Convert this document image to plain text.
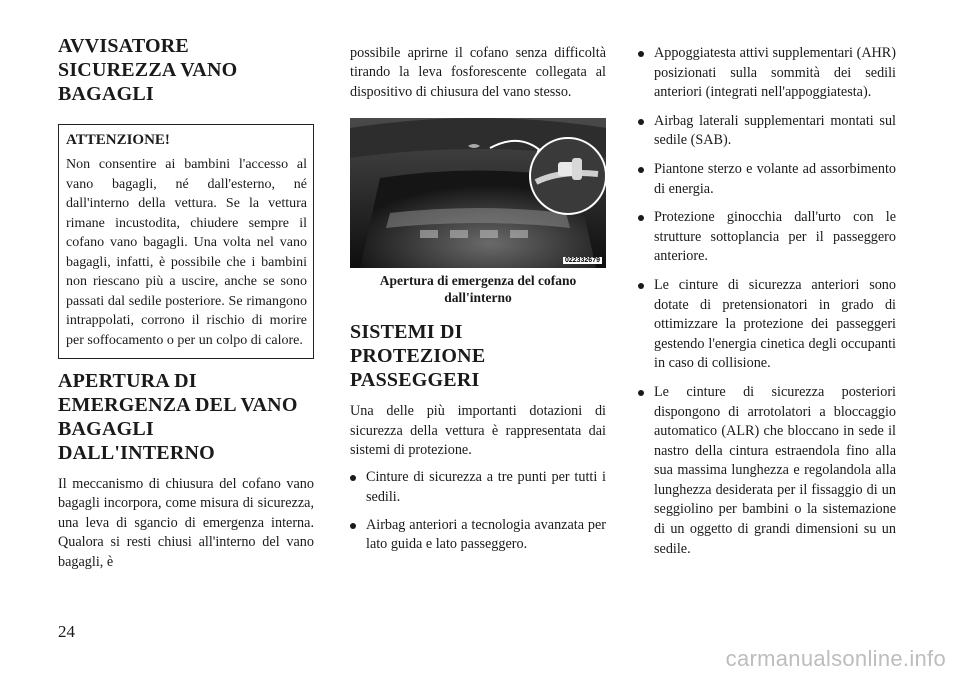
AVVISATORE
SICUREZZA VANO
BAGAGLI
ATTENZIONE!

Non consentire ai bambini l'accesso al vano bagagli, né dall'esterno, né dall'interno della vettura. Se la vettura rimane incustodita, chiudere sempre il cofano vano bagagli. Una volta nel vano bagagli, infatti, è possibile che i bambini non riescano più a uscire, anche se sono passati dal sedile posteriore. Se rimangono intrappolati, corrono il rischio di morire per soffocamento o per un colpo di calore.

APERTURA DI
EMERGENZA DEL VANO
BAGAGLI DALL'INTERNO

Il meccanismo di chiusura del cofano vano bagagli incorpora, come misura di sicurezza, una leva di sgancio di emergenza interna. Qualora si resti chiusi all'interno del vano bagagli, è

possibile aprirne il cofano senza difficoltà tirando la leva fosforescente collegata al dispositivo di chiusura del vano stesso.

022332679
Apertura di emergenza del cofano
dall'interno
SISTEMI DI
PROTEZIONE
PASSEGGERI

Una delle più importanti dotazioni di sicurezza della vettura è rappresentata dai sistemi di protezione.

Cinture di sicurezza a tre punti per tutti i sedili.
Airbag anteriori a tecnologia avanzata per lato guida e lato passeggero.
Appoggiatesta attivi supplementari (AHR) posizionati sulla sommità dei sedili anteriori (integrati nell'appoggiatesta).
Airbag laterali supplementari montati sul sedile (SAB).
Piantone sterzo e volante ad assorbimento di energia.
Protezione ginocchia dall'urto con le strutture sottoplancia per il passeggero anteriore.
Le cinture di sicurezza anteriori sono dotate di pretensionatori in grado di ottimizzare la protezione dei passeggeri gestendo l'energia cinetica degli occupanti in caso di collisione.
Le cinture di sicurezza posteriori dispongono di arrotolatori a bloccaggio automatico (ALR) che bloccano in sede il nastro della cintura estraendola fino alla sua massima lunghezza e regolandola alla lunghezza desiderata per il fissaggio di un seggiolino per bambini o la sistemazione di un oggetto di grandi dimensioni su un sedile.
24
carmanualsonline.info
